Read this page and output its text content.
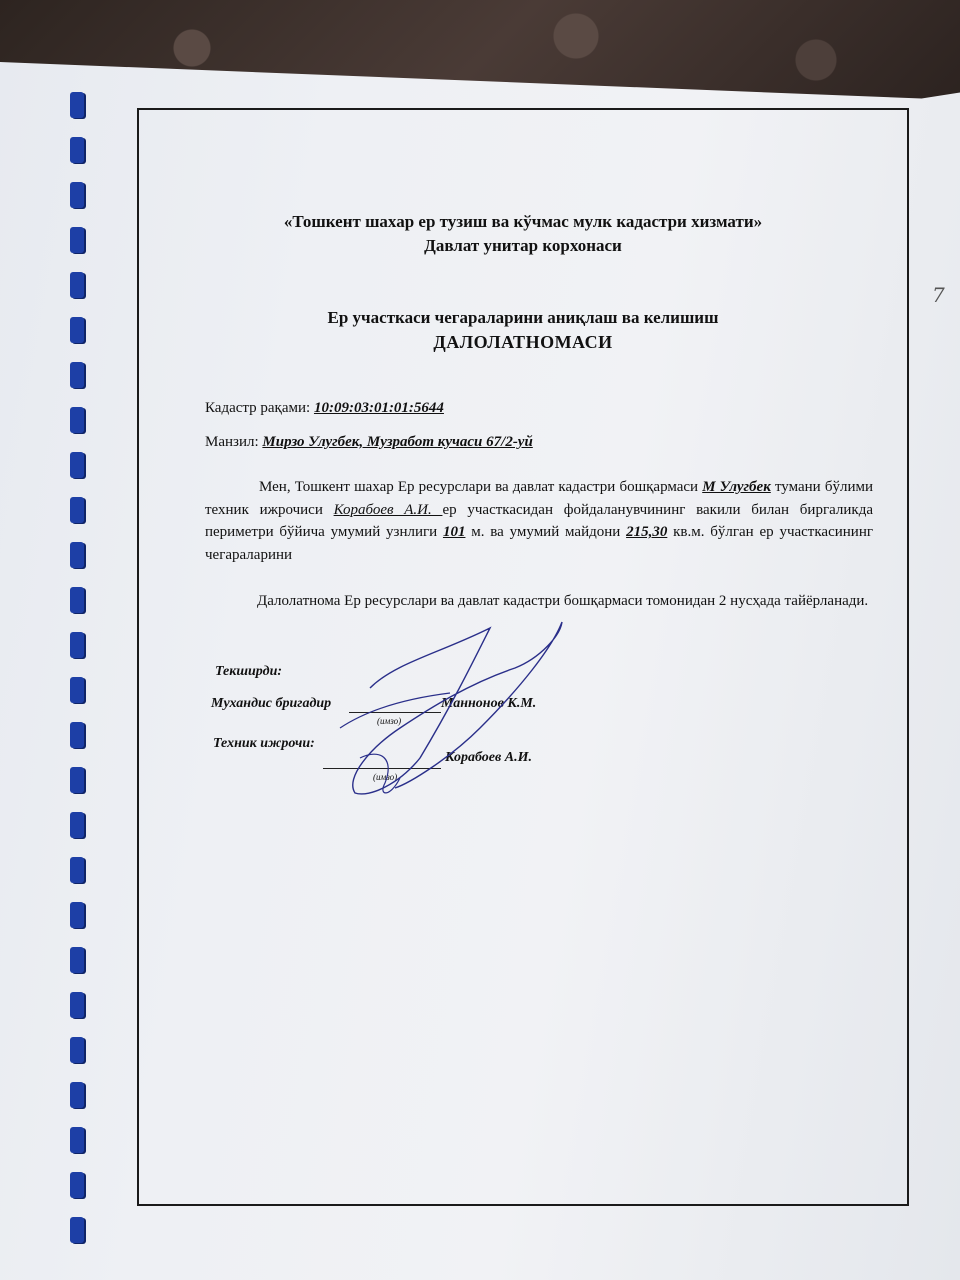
7
«Тошкент шахар ер тузиш ва кўчмас мулк кадастри хизмати»
Давлат унитар корхонаси
Ер участкаси чегараларини аниқлаш ва келишиш
ДАЛОЛАТНОМАСИ
Кадастр рақами: 10:09:03:01:01:5644
Манзил: Мирзо Улугбек, Музработ кучаси 67/2-уй
Мен, Тошкент шахар Ер ресурслари ва давлат кадастри бошқармаси М Улугбек тумани бўлими техник ижрочиси Корабоев А.И. ер участкасидан фойдаланувчининг вакили билан биргаликда периметри бўйича умумий узнлиги 101 м. ва умумий майдони 215,30 кв.м. бўлган ер участкасининг чегараларини
Далолатнома Ер ресурслари ва давлат кадастри бошқармаси томонидан 2 нусҳада тайёрланади.
Текширди:
Мухандис бригадир	Маннонов К.М.
(имзо)
Техник ижрочи:
Корабоев А.И.
(имзо)
